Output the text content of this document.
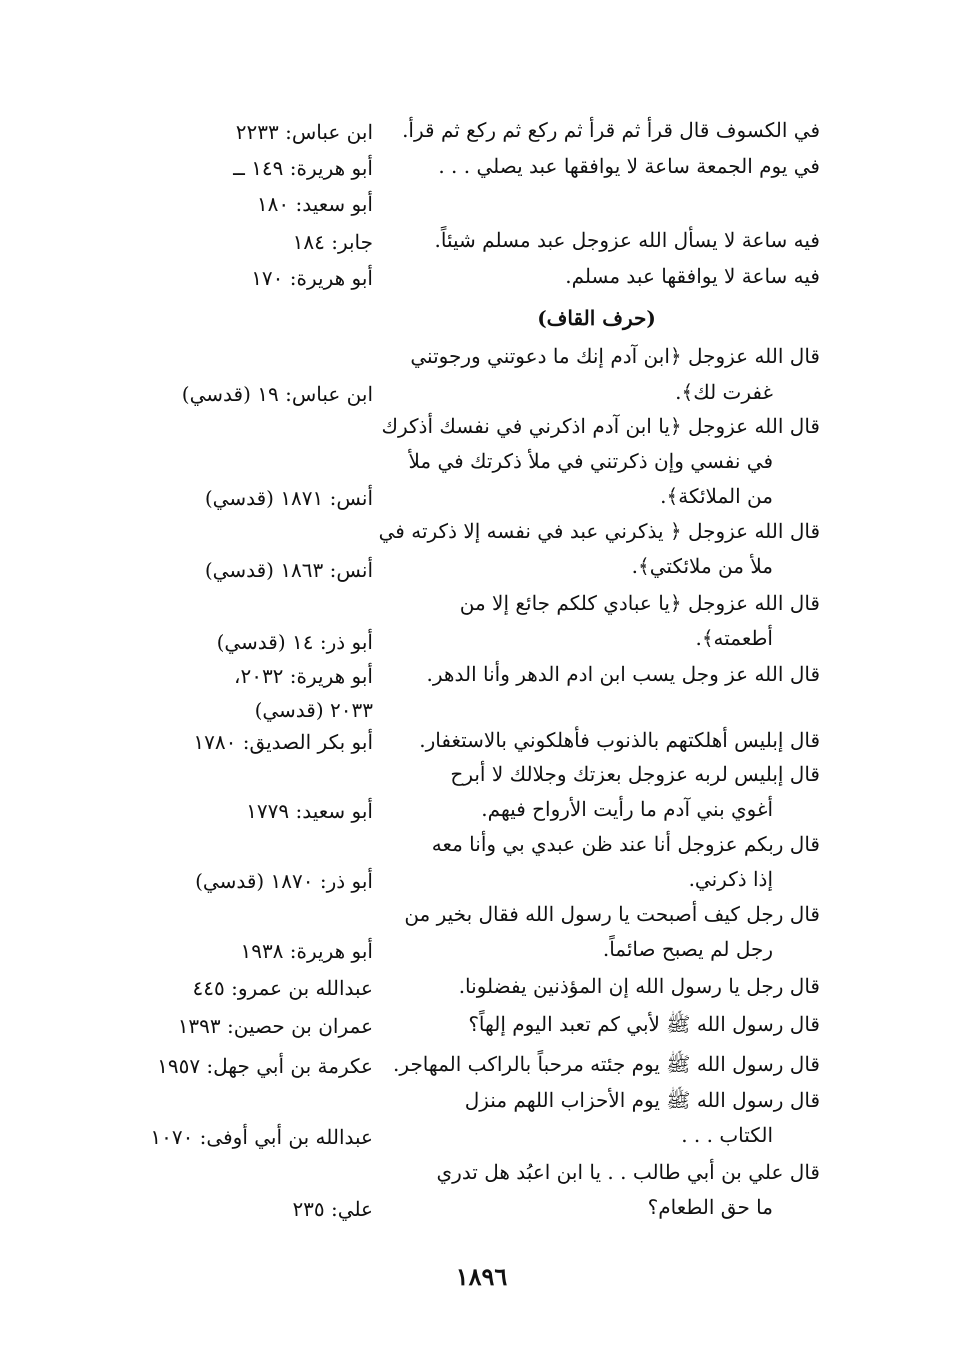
في الكسوف قال قرأ ثم قرأ ثم ركع ثم ركع ثم قرأ.
في يوم الجمعة ساعة لا يوافقها عبد يصلي . . .
فيه ساعة لا يسأل الله عزوجل عبد مسلم شيئاً.
فيه ساعة لا يوافقها عبد مسلم.
(حرف القاف)
قال الله عزوجل ﴿ابن آدم إنك ما دعوتني ورجوتني
غفرت لك﴾.
قال الله عزوجل ﴿يا ابن آدم اذكرني في نفسك أذكرك
في نفسي وإن ذكرتني في ملأ ذكرتك في ملأ
من الملائكة﴾.
قال الله عزوجل ﴿ يذكرني عبد في نفسه إلا ذكرته في
ملأ من ملائكتي﴾.
قال الله عزوجل ﴿يا عبادي كلكم جائع إلا من
أطعمته﴾.
قال الله عز وجل يسب ابن ادم الدهر وأنا الدهر.
قال إبليس أهلكتهم بالذنوب فأهلكوني بالاستغفار.
قال إبليس لربه عزوجل بعزتك وجلالك لا أبرح
أغوي بني آدم ما رأيت الأرواح فيهم.
قال ربكم عزوجل أنا عند ظن عبدي بي وأنا معه
إذا ذكرني.
قال رجل كيف أصبحت يا رسول الله فقال بخير من
رجل لم يصبح صائماً.
قال رجل يا رسول الله إن المؤذنين يفضلونا.
قال رسول الله ﷺ لأبي كم تعبد اليوم إلهاً؟
قال رسول الله ﷺ يوم جئته مرحباً بالراكب المهاجر.
قال رسول الله ﷺ يوم الأحزاب اللهم منزل
الكتاب . . .
قال علي بن أبي طالب . . يا ابن اعبُد هل تدري
ما حق الطعام؟
ابن عباس: ٢٢٣٣
أبو هريرة: ١٤٩ ــ
أبو سعيد: ١٨٠
جابر: ١٨٤
أبو هريرة: ١٧٠
ابن عباس: ١٩ (قدسي)
أنس: ١٨٧١ (قدسي)
أنس: ١٨٦٣ (قدسي)
أبو ذر: ١٤ (قدسي)
أبو هريرة: ٢٠٣٢،
٢٠٣٣ (قدسي)
أبو بكر الصديق: ١٧٨٠
أبو سعيد: ١٧٧٩
أبو ذر: ١٨٧٠ (قدسي)
أبو هريرة: ١٩٣٨
عبدالله بن عمرو: ٤٤٥
عمران بن حصين: ١٣٩٣
عكرمة بن أبي جهل: ١٩٥٧
عبدالله بن أبي أوفى: ١٠٧٠
علي: ٢٣٥
١٨٩٦
